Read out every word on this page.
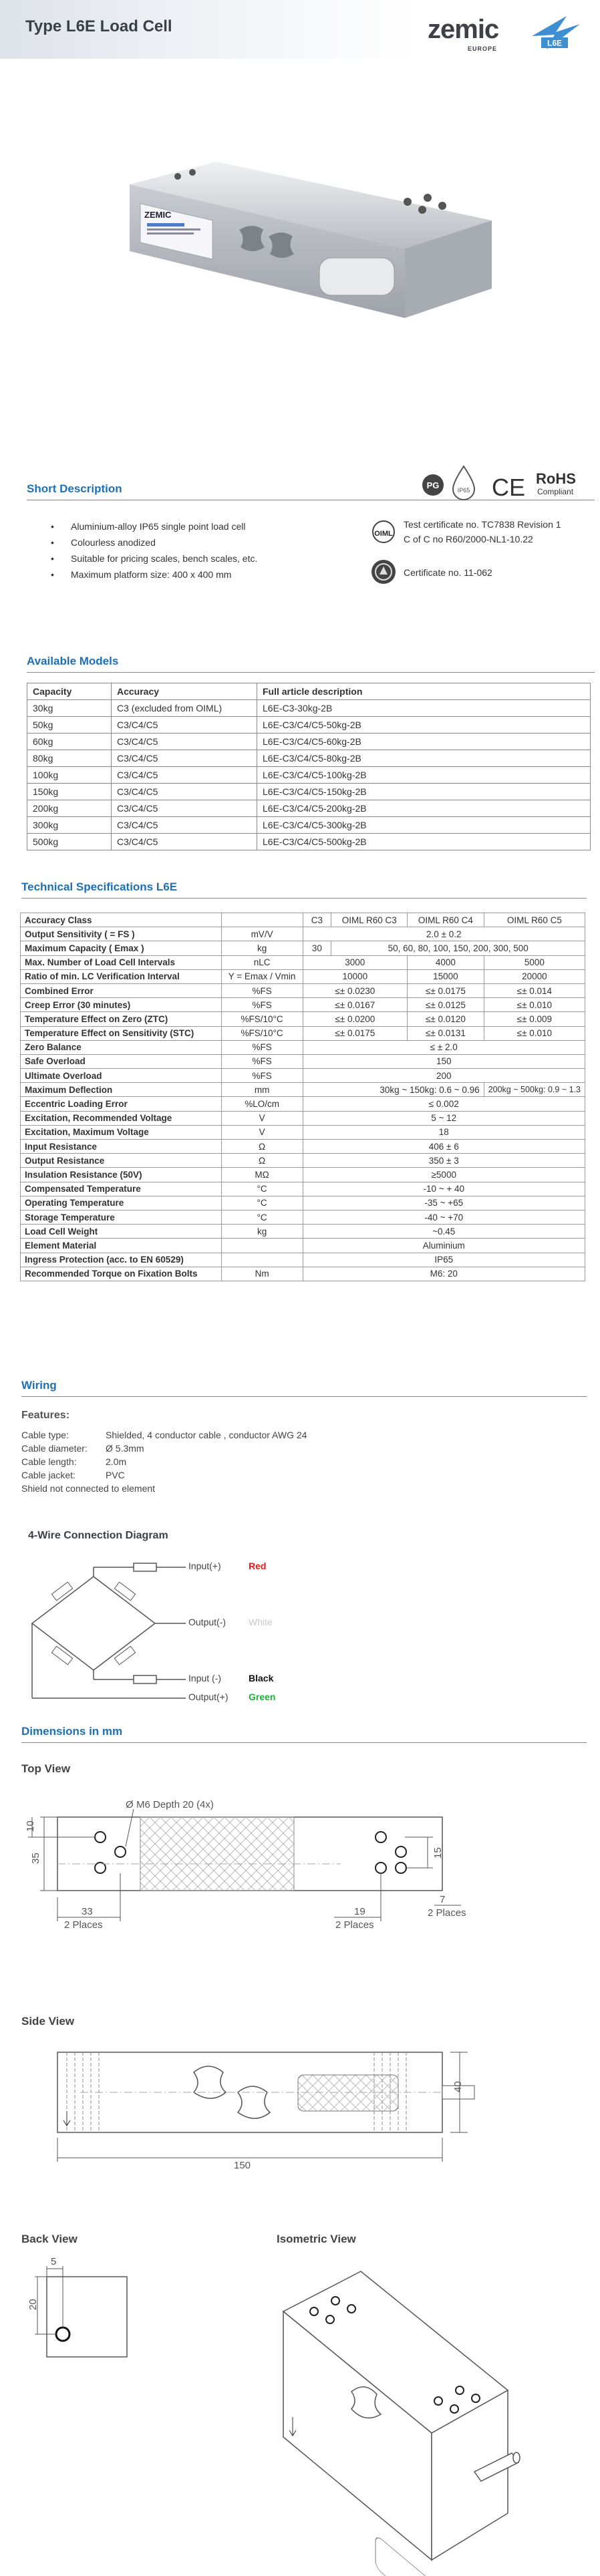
Type L6E Load Cell	zemic
EUROPE
L6E
ZEMIC
Short Description	PG	IP65 CE RoHS
Compliant
• Aluminium-alloy IP65 single point load cell
• Colourless anodized
• Suitable for pricing scales, bench scales, etc.
• Maximum platform size: 400 x 400 mm
OIML
Test certificate no. TC7838 Revision 1
C of C no R60/2000-NL1-10.22
Certificate no. 11-062
Available Models
Capacity	Accuracy	Full article description
30kg	C3 (excluded from OIML)	L6E-C3-30kg-2B
50kg	C3/C4/C5	L6E-C3/C4/C5-50kg-2B
60kg	C3/C4/C5	L6E-C3/C4/C5-60kg-2B
80kg	C3/C4/C5	L6E-C3/C4/C5-80kg-2B
100kg	C3/C4/C5	L6E-C3/C4/C5-100kg-2B
150kg	C3/C4/C5	L6E-C3/C4/C5-150kg-2B
200kg	C3/C4/C5	L6E-C3/C4/C5-200kg-2B
300kg	C3/C4/C5	L6E-C3/C4/C5-300kg-2B
500kg	C3/C4/C5	L6E-C3/C4/C5-500kg-2B
Technical Specifications L6E
Accuracy Class		C3	OIML R60 C3	OIML R60 C4	OIML R60 C5
Output Sensitivity ( = FS )	mV/V	2.0 ± 0.2			
Maximum Capacity ( Emax )	kg	30	50, 60, 80, 100, 150, 200, 300, 500		
Max. Number of Load Cell Intervals	nLC	3000		4000	5000
Ratio of min. LC Verification Interval	Y = Emax / Vmin	10000		15000	20000
Combined Error	%FS	≤± 0.0230		≤± 0.0175	≤± 0.014
Creep Error (30 minutes)	%FS	≤± 0.0167		≤± 0.0125	≤± 0.010
Temperature Effect on Zero (ZTC)	%FS/10°C	≤± 0.0200		≤± 0.0120	≤± 0.009
Temperature Effect on Sensitivity (STC)	%FS/10°C	≤± 0.0175		≤± 0.0131	≤± 0.010
Zero Balance	%FS	≤ ± 2.0			
Safe Overload	%FS	150			
Ultimate Overload	%FS	200			
Maximum Deflection	mm	30kg ~ 150kg: 0.6 ~ 0.96			200kg ~ 500kg: 0.9 ~ 1.3
Eccentric Loading Error	%LO/cm	≤ 0.002			
Excitation, Recommended Voltage	V	5 ~ 12			
Excitation, Maximum Voltage	V	18			
Input Resistance	Ω	406 ± 6			
Output Resistance	Ω	350 ± 3			
Insulation Resistance (50V)	MΩ	≥5000			
Compensated Temperature	°C	-10 ~ + 40			
Operating Temperature	°C	-35 ~ +65			
Storage Temperature	°C	-40 ~ +70			
Load Cell Weight	kg	~0.45			
Element Material		Aluminium			
Ingress Protection (acc. to EN 60529)		IP65			
Recommended Torque on Fixation Bolts	Nm	M6: 20			
Wiring
Features:
Cable type:	Shielded, 4 conductor cable , conductor AWG 24
Cable diameter: Ø 5.3mm
Cable length:	2.0m
Cable jacket:	PVC
Shield not connected to element
4-Wire Connection Diagram
Input(+)	Red
Output(-) White
Input (-)	Black
Output(+) Green
Dimensions in mm
Top View
M6 Depth 20 (4x)
Ø
35
10
15
33
2 Places
19
2 Places
7
2 Places
Side View
150
40
Back View
5
20
Isometric View
